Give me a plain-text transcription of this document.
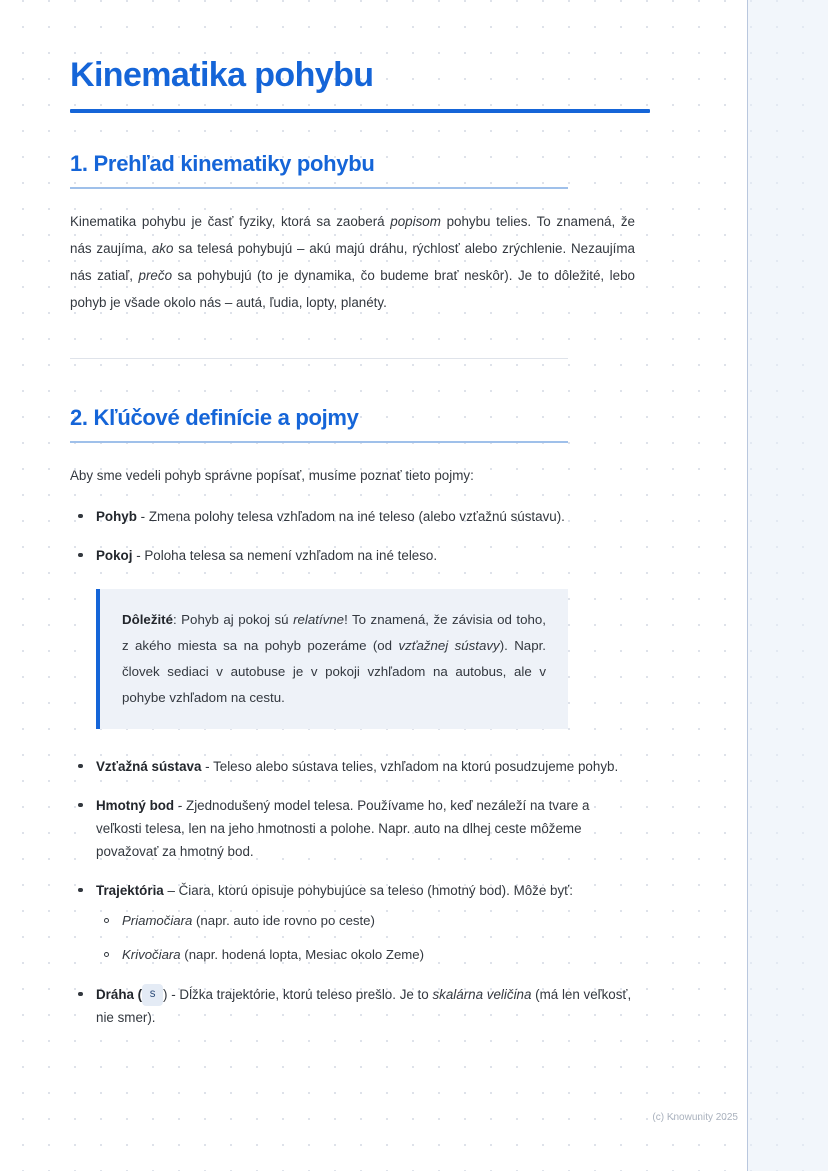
Kinematika pohybu
1. Prehľad kinematiky pohybu

Kinematika pohybu je časť fyziky, ktorá sa zaoberá popisom pohybu telies. To znamená, že nás zaujíma, ako sa telesá pohybujú – akú majú dráhu, rýchlosť alebo zrýchlenie. Nezaujíma nás zatiaľ, prečo sa pohybujú (to je dynamika, čo budeme brať neskôr). Je to dôležité, lebo pohyb je všade okolo nás – autá, ľudia, lopty, planéty.

2. Kľúčové definície a pojmy

Aby sme vedeli pohyb správne popísať, musíme poznať tieto pojmy:

Pohyb - Zmena polohy telesa vzhľadom na iné teleso (alebo vzťažnú sústavu).
Pokoj - Poloha telesa sa nemení vzhľadom na iné teleso.

Dôležité: Pohyb aj pokoj sú relatívne! To znamená, že závisia od toho, z akého miesta sa na pohyb pozeráme (od vzťažnej sústavy). Napr. človek sediaci v autobuse je v pokoji vzhľadom na autobus, ale v pohybe vzhľadom na cestu.

Vzťažná sústava - Teleso alebo sústava telies, vzhľadom na ktorú posudzujeme pohyb.
Hmotný bod - Zjednodušený model telesa. Používame ho, keď nezáleží na tvare a veľkosti telesa, len na jeho hmotnosti a polohe. Napr. auto na dlhej ceste môžeme považovať za hmotný bod.
Trajektória – Čiara, ktorú opisuje pohybujúce sa teleso (hmotný bod). Môže byť:
Priamočiara (napr. auto ide rovno po ceste)
Krivočiara (napr. hodená lopta, Mesiac okolo Zeme)
Dráha ( s ) - Dĺžka trajektórie, ktorú teleso prešlo. Je to skalárna veličina (má len veľkosť, nie smer).
(c) Knowunity 2025
